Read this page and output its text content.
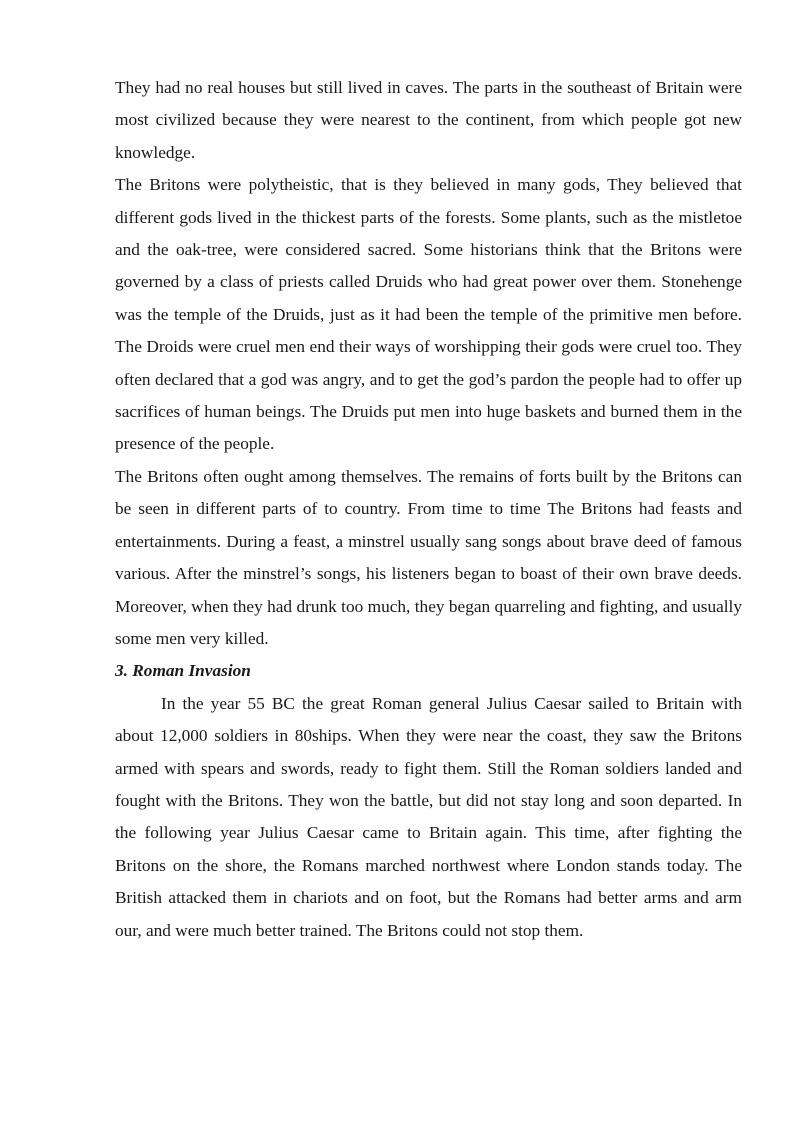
They had no real houses but still lived in caves. The parts in the southeast of Britain were most civilized because they were nearest to the continent, from which people got new knowledge.

The Britons were polytheistic, that is they believed in many gods, They believed that different gods lived in the thickest parts of the forests. Some plants, such as the mistletoe and the oak-tree, were considered sacred. Some historians think that the Britons were governed by a class of priests called Druids who had great power over them. Stonehenge was the temple of the Druids, just as it had been the temple of the primitive men before. The Droids were cruel men end their ways of worshipping their gods were cruel too. They often declared that a god was angry, and to get the god’s pardon the people had to offer up sacrifices of human beings. The Druids put men into huge baskets and burned them in the presence of the people.

The Britons often ought among themselves. The remains of forts built by the Britons can be seen in different parts of to country. From time to time The Britons had feasts and entertainments. During a feast, a minstrel usually sang songs about brave deed of famous various. After the minstrel’s songs, his listeners began to boast of their own brave deeds. Moreover, when they had drunk too much, they began quarreling and fighting, and usually some men very killed.

3. Roman Invasion

In the year 55 BC the great Roman general Julius Caesar sailed to Britain with about 12,000 soldiers in 80ships. When they were near the coast, they saw the Britons armed with spears and swords, ready to fight them. Still the Roman soldiers landed and fought with the Britons. They won the battle, but did not stay long and soon departed. In the following year Julius Caesar came to Britain again. This time, after fighting the Britons on the shore, the Romans marched northwest where London stands today. The British attacked them in chariots and on foot, but the Romans had better arms and arm our, and were much better trained. The Britons could not stop them.
